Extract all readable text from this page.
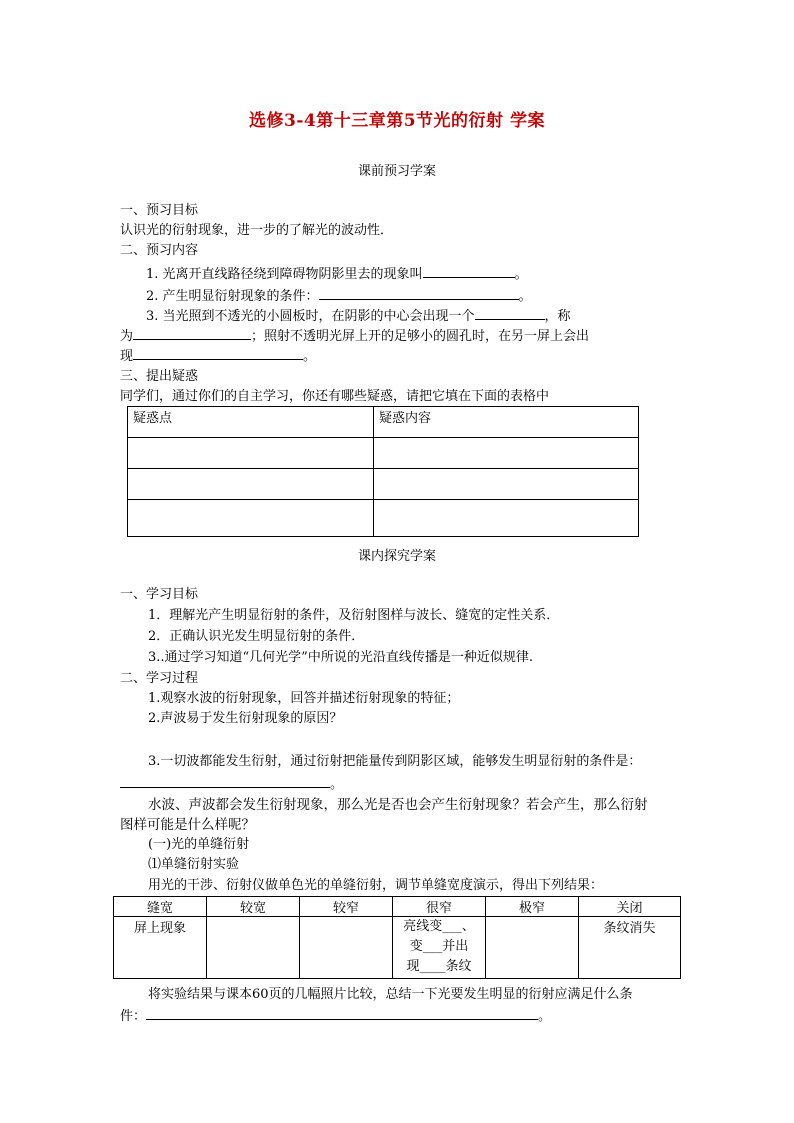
选修3-4第十三章第5节光的衍射 学案
课前预习学案
一、预习目标
认识光的衍射现象，进一步的了解光的波动性．
二、预习内容
1. 光离开直线路径绕到障碍物阴影里去的现象叫	。
2. 产生明显衍射现象的条件：	。
3. 当光照到不透光的小圆板时，在阴影的中心会出现一个	，称
为	；照射不透明光屏上开的足够小的圆孔时，在另一屏上会出
现	。
三、提出疑惑
同学们，通过你们的自主学习，你还有哪些疑惑，请把它填在下面的表格中
疑惑点	疑惑内容

课内探究学案
一、学习目标
1．理解光产生明显衍射的条件，及衍射图样与波长、缝宽的定性关系．
2．正确认识光发生明显衍射的条件．
3..通过学习知道“几何光学”中所说的光沿直线传播是一种近似规律.
二、学习过程
1.观察水波的衍射现象，回答并描述衍射现象的特征；
2.声波易于发生衍射现象的原因？
3.一切波都能发生衍射，通过衍射把能量传到阴影区域，能够发生明显衍射的条件是：
。
水波、声波都会发生衍射现象，那么光是否也会产生衍射现象？若会产生，那么衍射
图样可能是什么样呢？
(一)光的单缝衍射
⑴单缝衍射实验
用光的干涉、衍射仪做单色光的单缝衍射，调节单缝宽度演示，得出下列结果：
缝宽	较宽	较窄	很窄	极窄	关闭
屏上现象			亮线变___、
变___并出
现____条纹		条纹消失
将实验结果与课本60页的几幅照片比较，总结一下光要发生明显的衍射应满足什么条
件：	。
